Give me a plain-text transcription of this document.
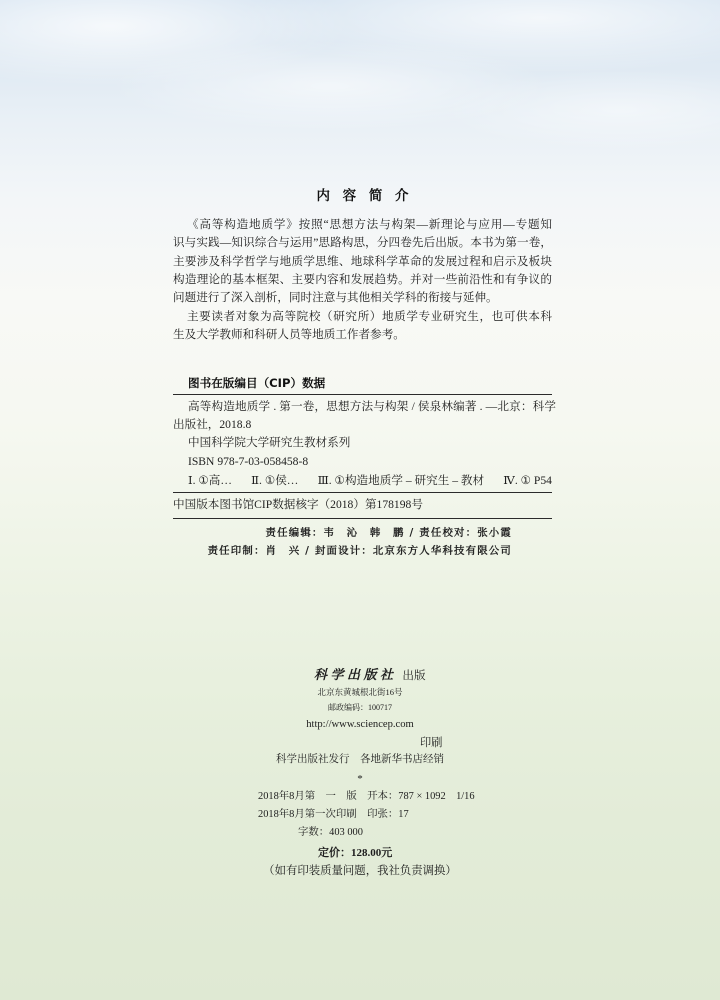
内 容 简 介
《高等构造地质学》按照“思想方法与构架—新理论与应用—专题知
识与实践—知识综合与运用”思路构思，分四卷先后出版。本书为第一卷，
主要涉及科学哲学与地质学思维、地球科学革命的发展过程和启示及板块
构造理论的基本框架、主要内容和发展趋势。并对一些前沿性和有争议的
问题进行了深入剖析，同时注意与其他相关学科的衔接与延伸。
主要读者对象为高等院校（研究所）地质学专业研究生，也可供本科
生及大学教师和科研人员等地质工作者参考。
图书在版编目（CIP）数据
高等构造地质学 . 第一卷，思想方法与构架 / 侯泉林编著 . —北京：科学
出版社，2018.8
中国科学院大学研究生教材系列
ISBN 978-7-03-058458-8
Ⅰ. ①高… Ⅱ. ①侯… Ⅲ. ①构造地质学 – 研究生 – 教材 Ⅳ. ① P54
中国版本图书馆CIP数据核字（2018）第178198号
责任编辑：韦　沁　韩　鹏 / 责任校对：张小霞
责任印制：肖　兴 / 封面设计：北京东方人华科技有限公司
科学出版社 出版
北京东黄城根北街16号
邮政编码：100717
http://www.sciencep.com
印刷
科学出版社发行　各地新华书店经销
*
2018年8月第　一　版　开本：787 × 1092　1/16
2018年8月第一次印刷　印张：17
字数：403 000
定价：128.00元
（如有印装质量问题，我社负责调换）
